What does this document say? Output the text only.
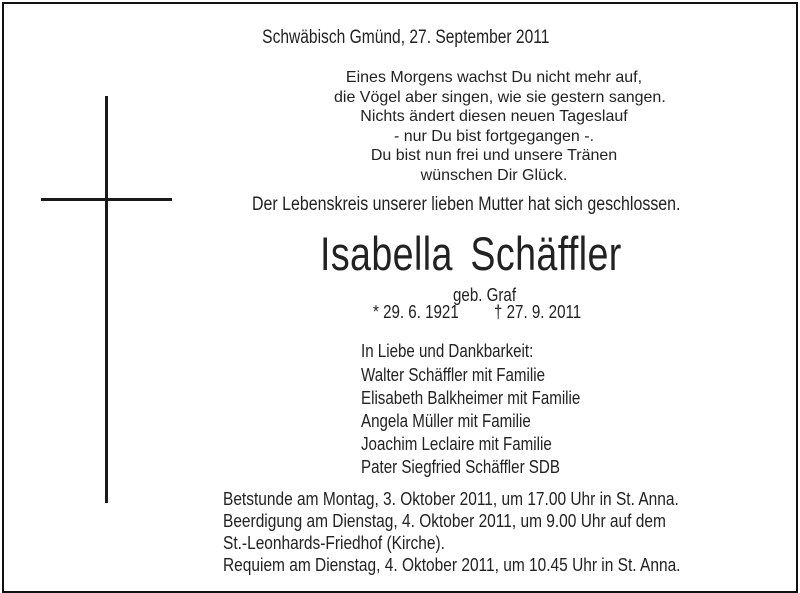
Schwäbisch Gmünd, 27. September 2011
Eines Morgens wachst Du nicht mehr auf,
die Vögel aber singen, wie sie gestern sangen.
Nichts ändert diesen neuen Tageslauf
- nur Du bist fortgegangen -.
Du bist nun frei und unsere Tränen
wünschen Dir Glück.
Der Lebenskreis unserer lieben Mutter hat sich geschlossen.
Isabella Schäffler
geb. Graf
* 29. 6. 1921 † 27. 9. 2011
In Liebe und Dankbarkeit:
Walter Schäffler mit Familie
Elisabeth Balkheimer mit Familie
Angela Müller mit Familie
Joachim Leclaire mit Familie
Pater Siegfried Schäffler SDB
Betstunde am Montag, 3. Oktober 2011, um 17.00 Uhr in St. Anna.
Beerdigung am Dienstag, 4. Oktober 2011, um 9.00 Uhr auf dem
St.-Leonhards-Friedhof (Kirche).
Requiem am Dienstag, 4. Oktober 2011, um 10.45 Uhr in St. Anna.
